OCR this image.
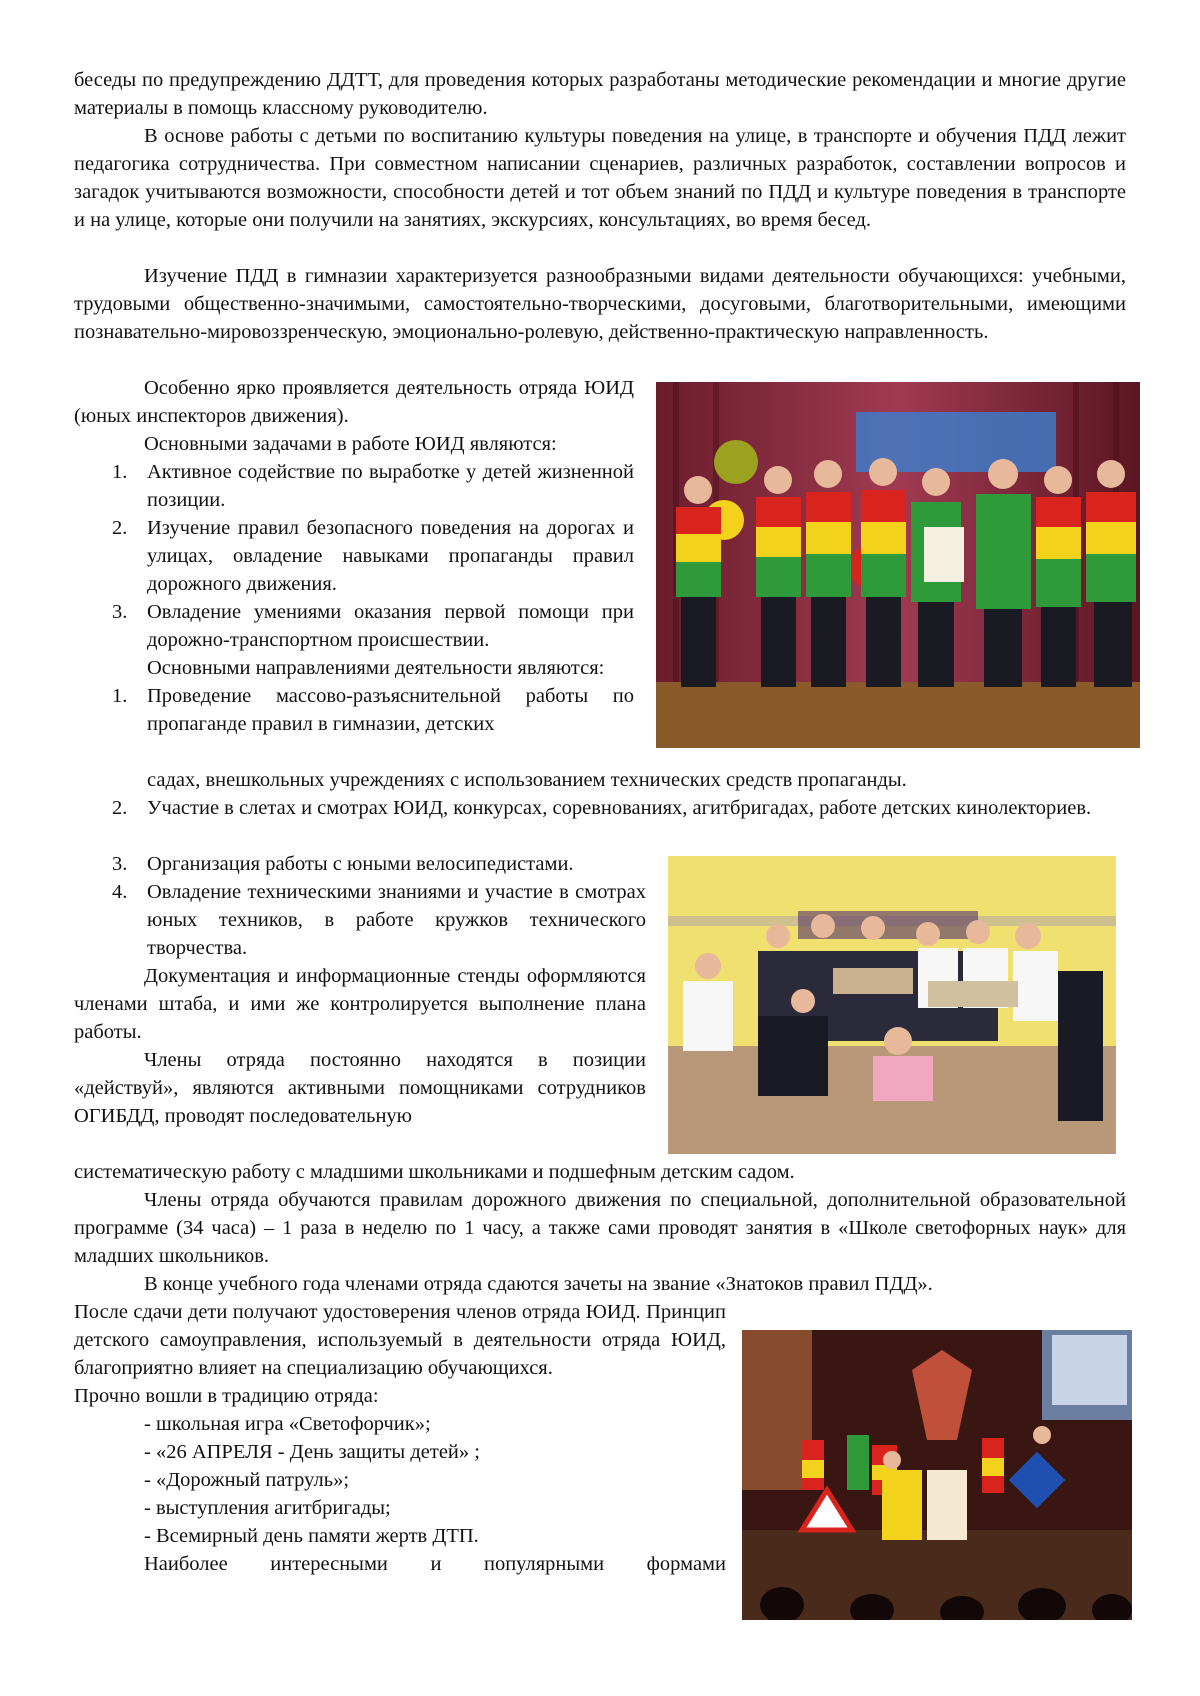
беседы по предупреждению ДДТТ, для проведения которых разработаны методические рекомендации и многие другие материалы в помощь классному руководителю.

В основе работы с детьми по воспитанию культуры поведения на улице, в транспорте и обучения ПДД лежит педагогика сотрудничества. При совместном написании сценариев, различных разработок, составлении вопросов и загадок учитываются возможности, способности детей и тот объем знаний по ПДД и культуре поведения в транспорте и на улице, которые они получили на занятиях, экскурсиях, консультациях, во время бесед.

Изучение ПДД в гимназии характеризуется разнообразными видами деятельности обучающихся: учебными, трудовыми общественно-значимыми, самостоятельно-творческими, досуговыми, благотворительными, имеющими познавательно-мировоззренческую, эмоционально-ролевую, действенно-практическую направленность.

Особенно ярко проявляется деятельность отряда ЮИД (юных инспекторов движения).

Основными задачами в работе ЮИД являются:

1. Активное содействие по выработке у детей жизненной позиции.

2. Изучение правил безопасного поведения на дорогах и улицах, овладение навыками пропаганды правил дорожного движения.

3. Овладение умениями оказания первой помощи при дорожно-транспортном происшествии.

Основными направлениями деятельности являются:

1. Проведение массово-разъяснительной работы по пропаганде правил в гимназии, детских

садах, внешкольных учреждениях с использованием технических средств пропаганды.

2. Участие в слетах и смотрах ЮИД, конкурсах, соревнованиях, агитбригадах, работе детских кинолекториев.

3. Организация работы с юными велосипедистами.

4. Овладение техническими знаниями и участие в смотрах юных техников, в работе кружков технического творчества.

Документация и информационные стенды оформляются членами штаба, и ими же контролируется выполнение плана работы.

Члены отряда постоянно находятся в позиции «действуй», являются активными помощниками сотрудников ОГИБДД, проводят последовательную

систематическую работу с младшими школьниками и подшефным детским садом.

Члены отряда обучаются правилам дорожного движения по специальной, дополнительной образовательной программе (34 часа) – 1 раза в неделю по 1 часу, а также сами проводят занятия в «Школе светофорных наук» для младших школьников.

В конце учебного года членами отряда сдаются зачеты на звание «Знатоков правил ПДД».

После сдачи дети получают удостоверения членов отряда ЮИД. Принцип детского самоуправления, используемый в деятельности отряда ЮИД, благоприятно влияет на специализацию обучающихся.

Прочно вошли в традицию отряда:

- школьная игра «Светофорчик»;

- «26 АПРЕЛЯ - День защиты детей» ;

- «Дорожный патруль»;

- выступления агитбригады;

- Всемирный день памяти жертв ДТП.

Наиболее интересными и популярными формами
